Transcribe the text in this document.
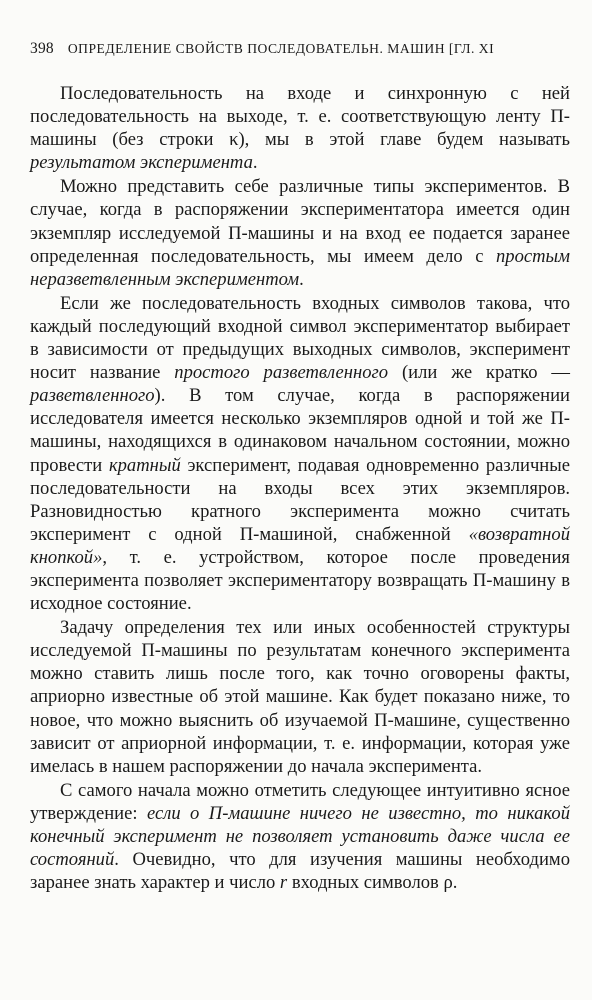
398 ОПРЕДЕЛЕНИЕ СВОЙСТВ ПОСЛЕДОВАТЕЛЬН. МАШИН [ГЛ. XI

Последовательность на входе и синхронную с ней последовательность на выходе, т. е. соответствующую ленту П-машины (без строки κ), мы в этой главе будем называть результатом эксперимента.

Можно представить себе различные типы экспериментов. В случае, когда в распоряжении экспериментатора имеется один экземпляр исследуемой П-машины и на вход ее подается заранее определенная последовательность, мы имеем дело с простым неразветвленным экспериментом.

Если же последовательность входных символов такова, что каждый последующий входной символ экспериментатор выбирает в зависимости от предыдущих выходных символов, эксперимент носит название простого разветвленного (или же кратко — разветвленного). В том случае, когда в распоряжении исследователя имеется несколько экземпляров одной и той же П-машины, находящихся в одинаковом начальном состоянии, можно провести кратный эксперимент, подавая одновременно различные последовательности на входы всех этих экземпляров. Разновидностью кратного эксперимента можно считать эксперимент с одной П-машиной, снабженной «возвратной кнопкой», т. е. устройством, которое после проведения эксперимента позволяет экспериментатору возвращать П-машину в исходное состояние.

Задачу определения тех или иных особенностей структуры исследуемой П-машины по результатам конечного эксперимента можно ставить лишь после того, как точно оговорены факты, априорно известные об этой машине. Как будет показано ниже, то новое, что можно выяснить об изучаемой П-машине, существенно зависит от априорной информации, т. е. информации, которая уже имелась в нашем распоряжении до начала эксперимента.

С самого начала можно отметить следующее интуитивно ясное утверждение: если о П-машине ничего не известно, то никакой конечный эксперимент не позволяет установить даже числа ее состояний. Очевидно, что для изучения машины необходимо заранее знать характер и число r входных символов ρ.
